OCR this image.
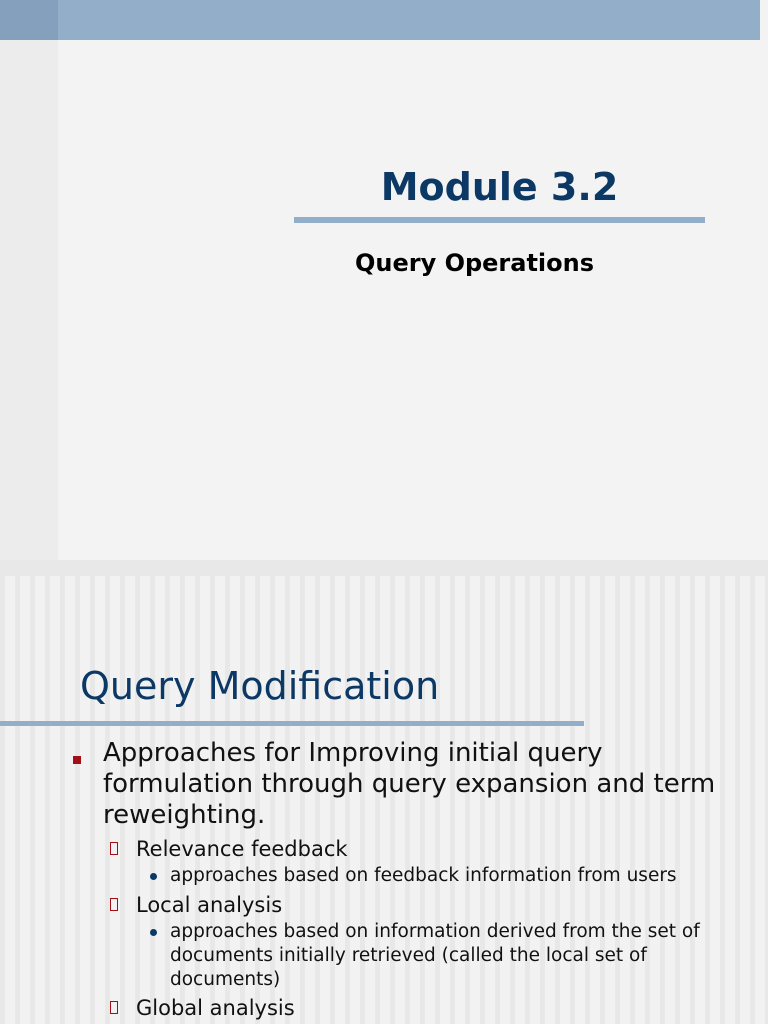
Module 3.2
Query Operations
Query Modification
Approaches for Improving initial query formulation through query expansion and term reweighting.
Relevance feedback
approaches based on feedback information from users
Local analysis
approaches based on information derived from the set of documents initially retrieved (called the local set of documents)
Global analysis
